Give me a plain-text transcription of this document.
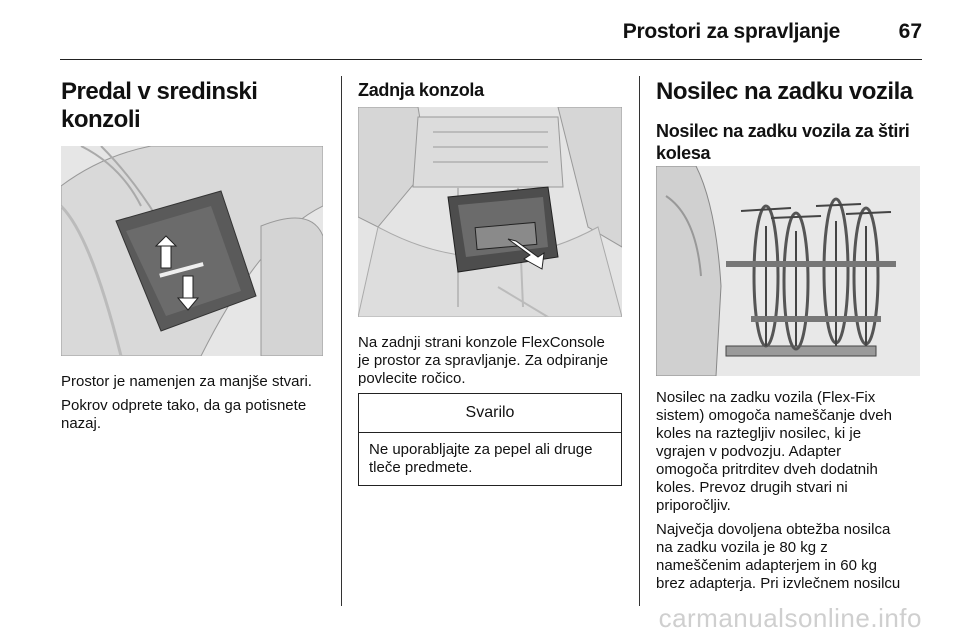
Prostori za spravljanje	67
Predal v sredinski konzoli

Prostor je namenjen za manjše stvari.

Pokrov odprete tako, da ga potisnete

nazaj.

Zadnja konzola

Na zadnji strani konzole FlexConsole

je prostor za spravljanje. Za odpiranje

povlecite ročico.

Svarilo
Ne uporabljajte za pepel ali druge
tleče predmete.
Nosilec na zadku vozila
Nosilec na zadku vozila za štiri
kolesa

Nosilec na zadku vozila (Flex-Fix
sistem) omogoča nameščanje dveh
koles na raztegljiv nosilec, ki je
vgrajen v podvozju. Adapter
omogoča pritrditev dveh dodatnih
koles. Prevoz drugih stvari ni
priporočljiv.

Največja dovoljena obtežba nosilca
na zadku vozila je 80 kg z
nameščenim adapterjem in 60 kg
brez adapterja. Pri izvlečnem nosilcu

carmanualsonline.info
